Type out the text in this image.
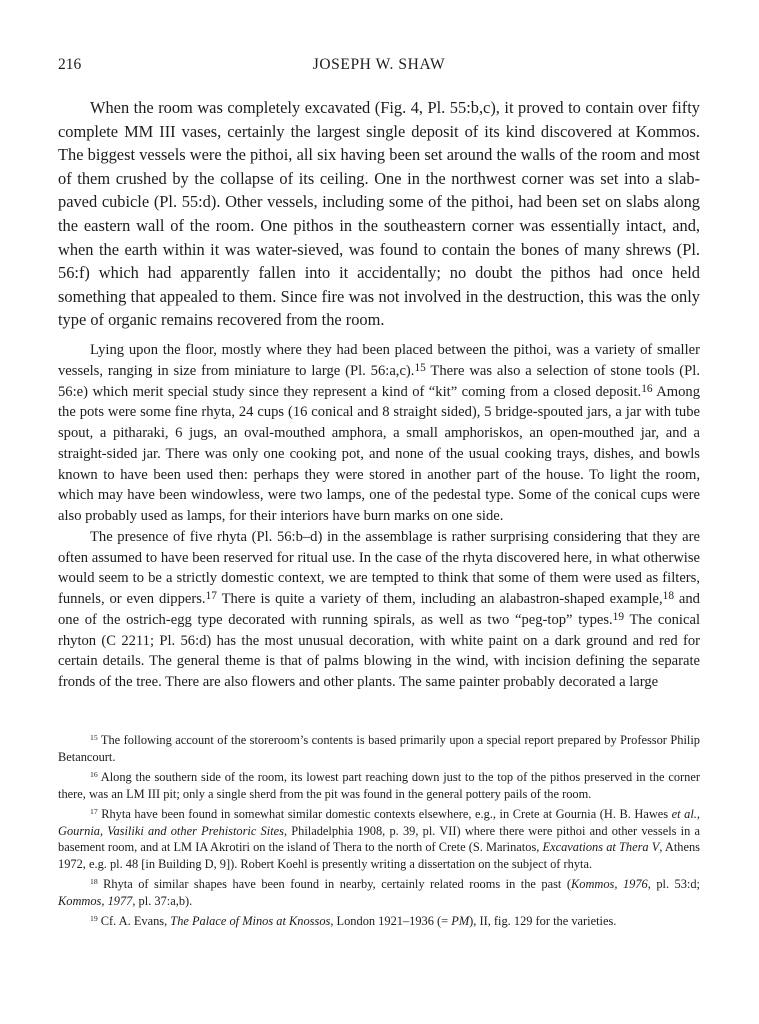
216	JOSEPH W. SHAW

When the room was completely excavated (Fig. 4, Pl. 55:b,c), it proved to contain over fifty complete MM III vases, certainly the largest single deposit of its kind discovered at Kommos. The biggest vessels were the pithoi, all six having been set around the walls of the room and most of them crushed by the collapse of its ceiling. One in the northwest corner was set into a slab-paved cubicle (Pl. 55:d). Other vessels, including some of the pithoi, had been set on slabs along the eastern wall of the room. One pithos in the southeastern corner was essentially intact, and, when the earth within it was water-sieved, was found to contain the bones of many shrews (Pl. 56:f) which had apparently fallen into it accidentally; no doubt the pithos had once held something that appealed to them. Since fire was not involved in the destruction, this was the only type of organic remains recovered from the room.

Lying upon the floor, mostly where they had been placed between the pithoi, was a variety of smaller vessels, ranging in size from miniature to large (Pl. 56:a,c).$^{15}$ There was also a selection of stone tools (Pl. 56:e) which merit special study since they represent a kind of “kit” coming from a closed deposit.$^{16}$ Among the pots were some fine rhyta, 24 cups (16 conical and 8 straight sided), 5 bridge-spouted jars, a jar with tube spout, a pitharaki, 6 jugs, an oval-mouthed amphora, a small amphoriskos, an open-mouthed jar, and a straight-sided jar. There was only one cooking pot, and none of the usual cooking trays, dishes, and bowls known to have been used then: perhaps they were stored in another part of the house. To light the room, which may have been windowless, were two lamps, one of the pedestal type. Some of the conical cups were also probably used as lamps, for their interiors have burn marks on one side.

The presence of five rhyta (Pl. 56:b–d) in the assemblage is rather surprising considering that they are often assumed to have been reserved for ritual use. In the case of the rhyta discovered here, in what otherwise would seem to be a strictly domestic context, we are tempted to think that some of them were used as filters, funnels, or even dippers.$^{17}$ There is quite a variety of them, including an alabastron-shaped example,$^{18}$ and one of the ostrich-egg type decorated with running spirals, as well as two “peg-top” types.$^{19}$ The conical rhyton (C 2211; Pl. 56:d) has the most unusual decoration, with white paint on a dark ground and red for certain details. The general theme is that of palms blowing in the wind, with incision defining the separate fronds of the tree. There are also flowers and other plants. The same painter probably decorated a large

$^{15}$ The following account of the storeroom’s contents is based primarily upon a special report prepared by Professor Philip Betancourt.

$^{16}$ Along the southern side of the room, its lowest part reaching down just to the top of the pithos preserved in the corner there, was an LM III pit; only a single sherd from the pit was found in the general pottery pails of the room.

$^{17}$ Rhyta have been found in somewhat similar domestic contexts elsewhere, e.g., in Crete at Gournia (H. B. Hawes et al., Gournia, Vasiliki and other Prehistoric Sites, Philadelphia 1908, p. 39, pl. VII) where there were pithoi and other vessels in a basement room, and at LM IA Akrotiri on the island of Thera to the north of Crete (S. Marinatos, Excavations at Thera V, Athens 1972, e.g. pl. 48 [in Building D, 9]). Robert Koehl is presently writing a dissertation on the subject of rhyta.

$^{18}$ Rhyta of similar shapes have been found in nearby, certainly related rooms in the past (Kommos, 1976, pl. 53:d; Kommos, 1977, pl. 37:a,b).

$^{19}$ Cf. A. Evans, The Palace of Minos at Knossos, London 1921–1936 (= PM), II, fig. 129 for the varieties.
